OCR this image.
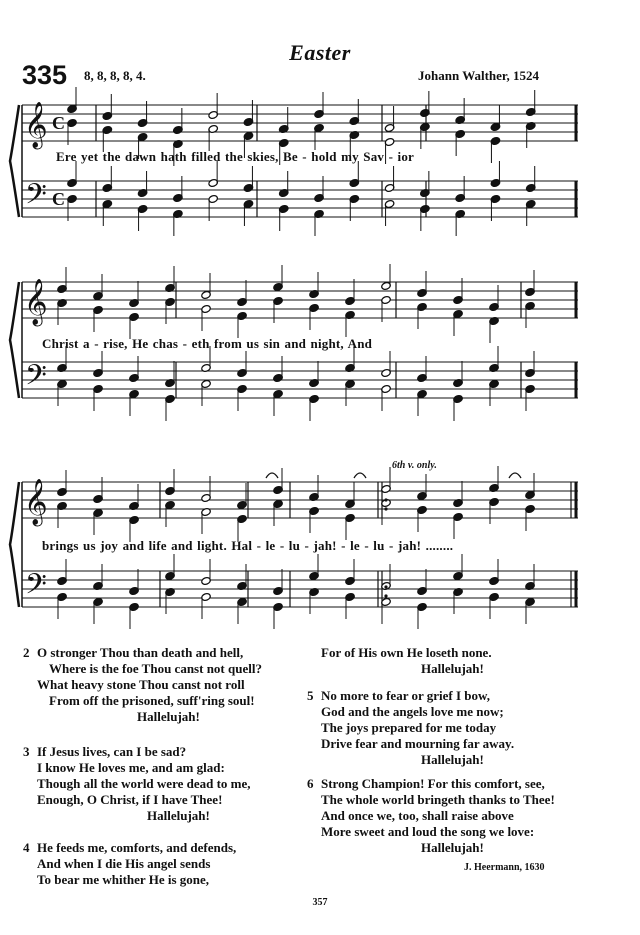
𝄞
𝄢
C
C
𝄞
𝄢
𝄞
𝄢
Easter
335 8, 8, 8, 8, 4.	Johann Walther, 1524
Ere yet the dawn hath filled the skies, Be - hold my Sav - ior
Christ a - rise, He chas - eth from us sin and night, And
brings us joy and life and light. Hal - le - lu - jah! - le - lu - jah! ........
6th v. only.
2 O stronger Thou than death and hell,
Where is the foe Thou canst not quell?
What heavy stone Thou canst not roll
From off the prisoned, suff'ring soul!
Hallelujah!
3 If Jesus lives, can I be sad?
I know He loves me, and am glad:
Though all the world were dead to me,
Enough, O Christ, if I have Thee!
Hallelujah!
4 He feeds me, comforts, and defends,
And when I die His angel sends
To bear me whither He is gone,
For of His own He loseth none.
Hallelujah!
5 No more to fear or grief I bow,
God and the angels love me now;
The joys prepared for me today
Drive fear and mourning far away.
Hallelujah!
6 Strong Champion! For this comfort, see,
The whole world bringeth thanks to Thee!
And once we, too, shall raise above
More sweet and loud the song we love:
Hallelujah!
J. Heermann, 1630
357
